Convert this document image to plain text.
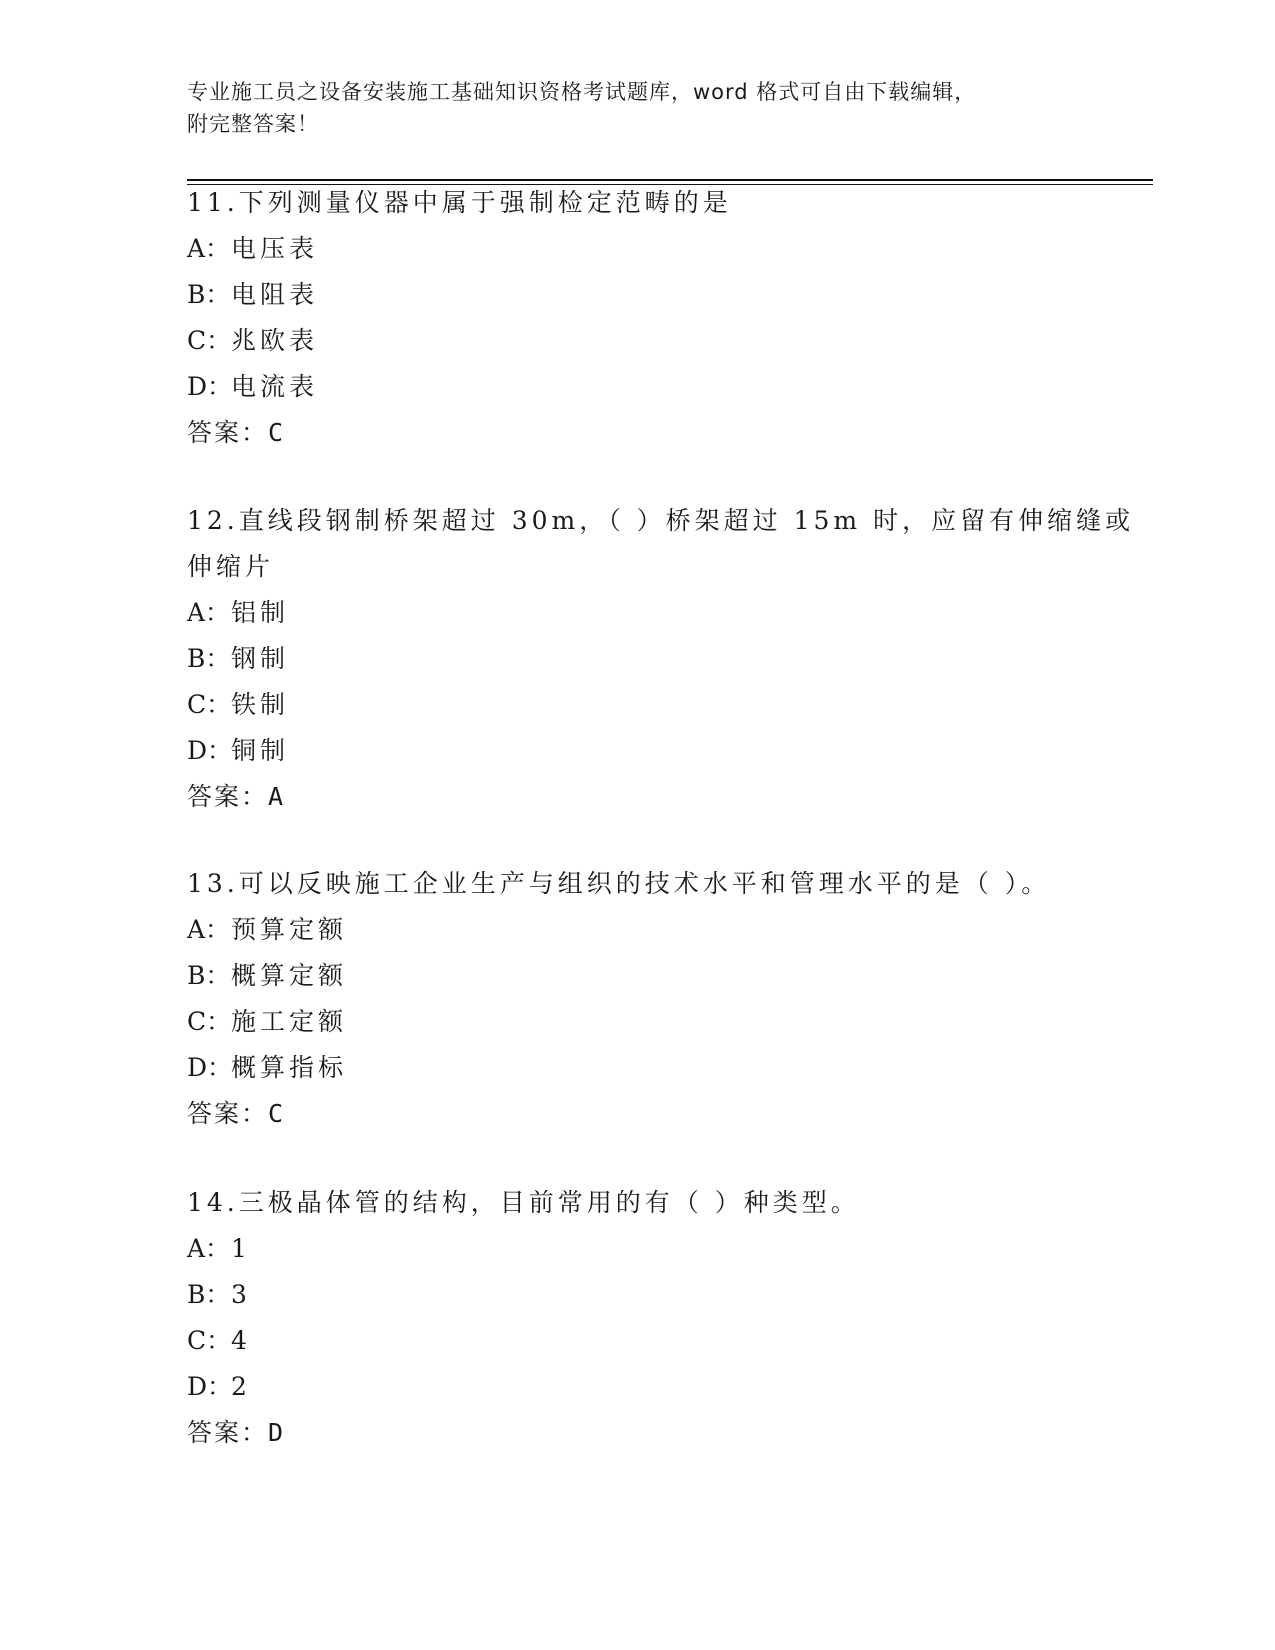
专业施工员之设备安装施工基础知识资格考试题库，word 格式可自由下载编辑，
附完整答案！
11.下列测量仪器中属于强制检定范畴的是
A：电压表
B：电阻表
C：兆欧表
D：电流表
答案：C
12.直线段钢制桥架超过 30m，（ ）桥架超过 15m 时，应留有伸缩缝或
伸缩片
A：铝制
B：钢制
C：铁制
D：铜制
答案：A
13.可以反映施工企业生产与组织的技术水平和管理水平的是（ ）。
A：预算定额
B：概算定额
C：施工定额
D：概算指标
答案：C
14.三极晶体管的结构，目前常用的有（ ）种类型。
A：1
B：3
C：4
D：2
答案：D
